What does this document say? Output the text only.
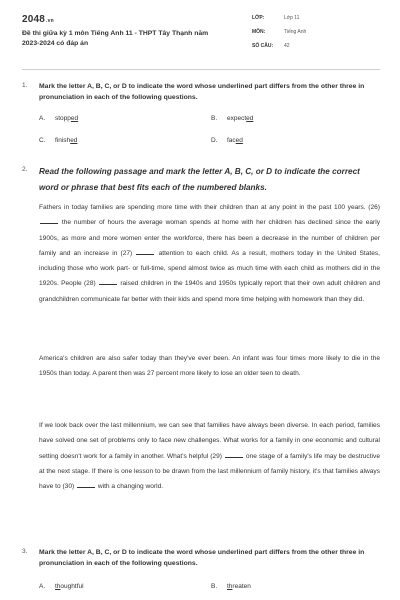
2048.vn
Đề thi giữa kỳ 1 môn Tiếng Anh 11 - THPT Tây Thạnh năm
2023-2024 có đáp án
LỚP:	Lớp 11
MÔN:	Tiếng Anh
SỐ CÂU: 42
1. Mark the letter A, B, C, or D to indicate the word whose underlined part differs from the other three in pronunciation in each of the following questions.
A. stopped	B. expected
C. finished	D. faced
2. Read the following passage and mark the letter A, B, C, or D to indicate the correct word or phrase that best fits each of the numbered blanks.
Fathers in today families are spending more time with their children than at any point in the past 100 years. (26)  the number of hours the average woman spends at home with her children has declined since the early 1900s, as more and more women enter the workforce, there has been a decrease in the number of children per family and an increase in (27)	attention to each child. As a result, mothers today in the United States, including those who work part- or full-time, spend almost twice as much time with each child as mothers did in the 1920s. People (28)	raised children in the 1940s and 1950s typically report that their own adult children and grandchildren communicate far better with their kids and spend more time helping with homework than they did.
America's children are also safer today than they've ever been. An infant was four times more likely to die in the 1950s than today. A parent then was 27 percent more likely to lose an older teen to death.
If we look back over the last millennium, we can see that families have always been diverse. In each period, families have solved one set of problems only to face new challenges. What works for a family in one economic and cultural setting doesn't work for a family in another. What's helpful (29)	one stage of a family's life may be destructive at the next stage. If there is one lesson to be drawn from the last millennium of family history, it's that families always have to (30)	with a changing world.
3. Mark the letter A, B, C, or D to indicate the word whose underlined part differs from the other three in pronunciation in each of the following questions.
A. thoughtful	B. threaten
